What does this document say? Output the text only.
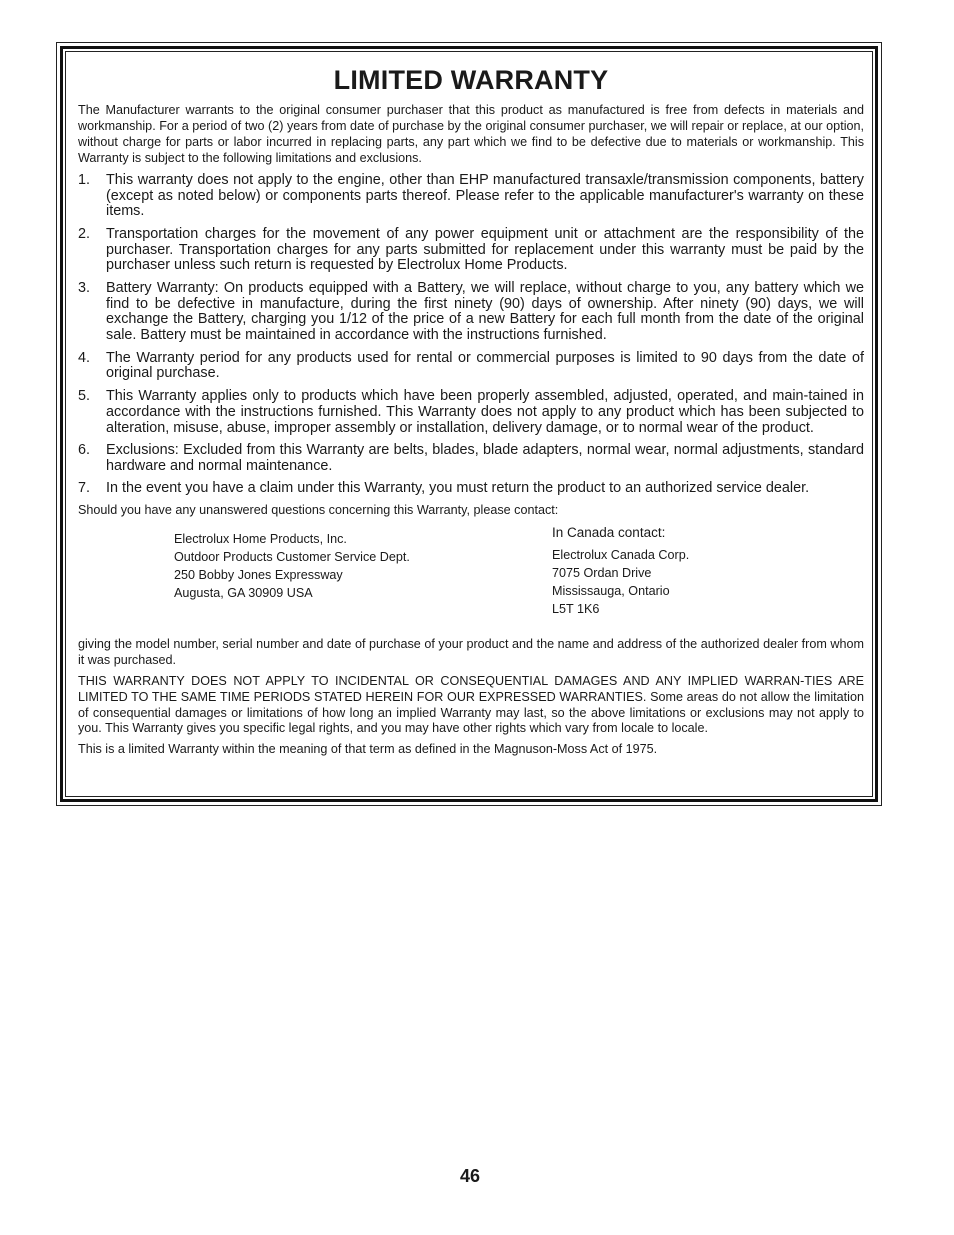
LIMITED WARRANTY

The Manufacturer warrants to the original consumer purchaser that this product as manufactured is free from defects in materials and workmanship. For a period of two (2) years from date of purchase by the original consumer purchaser, we will repair or replace, at our option, without charge for parts or labor incurred in replacing parts, any part which we find to be defective due to materials or workmanship. This Warranty is subject to the following limitations and exclusions.

1. This warranty does not apply to the engine, other than EHP manufactured transaxle/transmission components, battery (except as noted below) or components parts thereof. Please refer to the applicable manufacturer's warranty on these items.
2. Transportation charges for the movement of any power equipment unit or attachment are the responsibility of the purchaser. Transportation charges for any parts submitted for replacement under this warranty must be paid by the purchaser unless such return is requested by Electrolux Home Products.
3. Battery Warranty: On products equipped with a Battery, we will replace, without charge to you, any battery which we find to be defective in manufacture, during the first ninety (90) days of ownership. After ninety (90) days, we will exchange the Battery, charging you 1/12 of the price of a new Battery for each full month from the date of the original sale. Battery must be maintained in accordance with the instructions furnished.
4. The Warranty period for any products used for rental or commercial purposes is limited to 90 days from the date of original purchase.
5. This Warranty applies only to products which have been properly assembled, adjusted, operated, and main-tained in accordance with the instructions furnished. This Warranty does not apply to any product which has been subjected to alteration, misuse, abuse, improper assembly or installation, delivery damage, or to normal wear of the product.
6. Exclusions: Excluded from this Warranty are belts, blades, blade adapters, normal wear, normal adjustments, standard hardware and normal maintenance.
7. In the event you have a claim under this Warranty, you must return the product to an authorized service dealer.

Should you have any unanswered questions concerning this Warranty, please contact:

Electrolux Home Products, Inc.
Outdoor Products Customer Service Dept.
250 Bobby Jones Expressway
Augusta, GA 30909 USA
In Canada contact:
Electrolux Canada Corp.
7075 Ordan Drive
Mississauga, Ontario
L5T 1K6

giving the model number, serial number and date of purchase of your product and the name and address of the authorized dealer from whom it was purchased.

THIS WARRANTY DOES NOT APPLY TO INCIDENTAL OR CONSEQUENTIAL DAMAGES AND ANY IMPLIED WARRAN-TIES ARE LIMITED TO THE SAME TIME PERIODS STATED HEREIN FOR OUR EXPRESSED WARRANTIES. Some areas do not allow the limitation of consequential damages or limitations of how long an implied Warranty may last, so the above limitations or exclusions may not apply to you. This Warranty gives you specific legal rights, and you may have other rights which vary from locale to locale.

This is a limited Warranty within the meaning of that term as defined in the Magnuson-Moss Act of 1975.

46
